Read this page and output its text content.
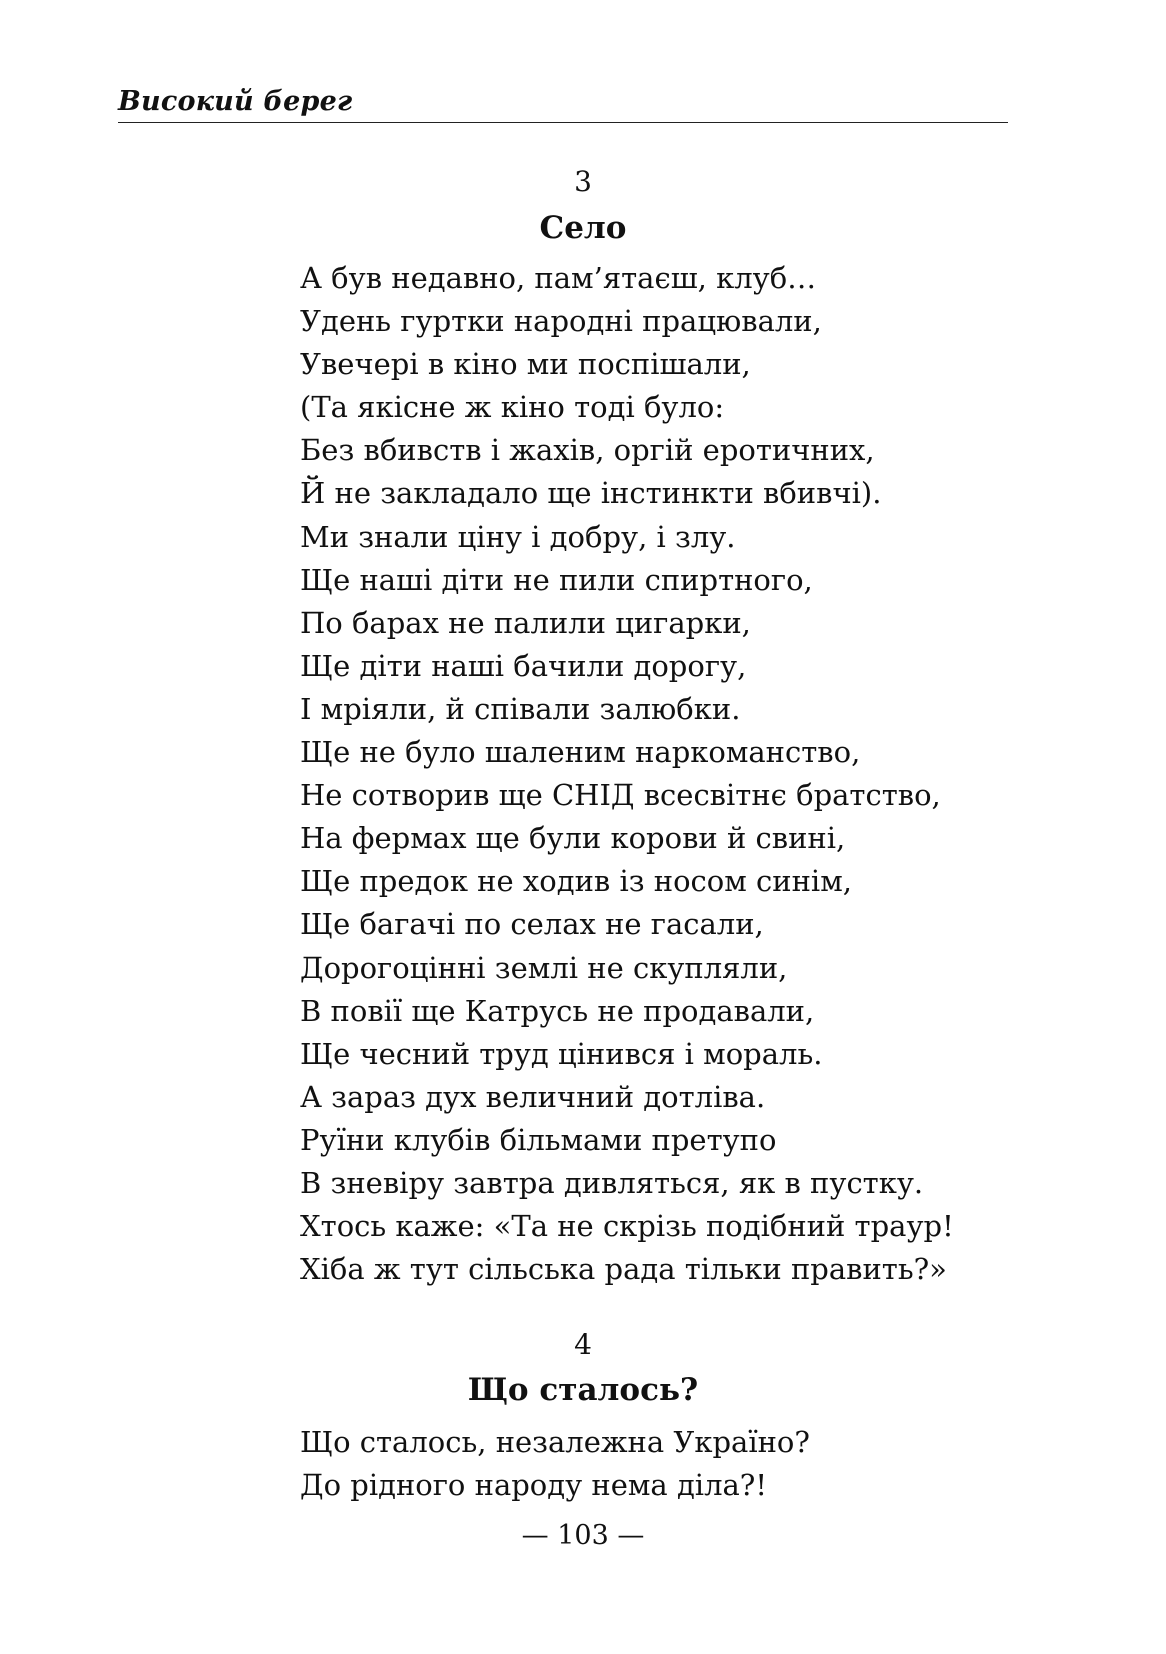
Високий берег
3
Село
А був недавно, пам’ятаєш, клуб…
Удень гуртки народні працювали,
Увечері в кіно ми поспішали,
(Та якісне ж кіно тоді було:
Без вбивств і жахів, оргій еротичних,
Й не закладало ще інстинкти вбивчі).
Ми знали ціну і добру, і злу.
Ще наші діти не пили спиртного,
По барах не палили цигарки,
Ще діти наші бачили дорогу,
І мріяли, й співали залюбки.
Ще не було шаленим наркоманство,
Не сотворив ще СНІД всесвітнє братство,
На фермах ще були корови й свині,
Ще предок не ходив із носом синім,
Ще багачі по селах не гасали,
Дорогоцінні землі не скупляли,
В повії ще Катрусь не продавали,
Ще чесний труд цінився і мораль.
А зараз дух величний дотліва.
Руїни клубів більмами претупо
В зневіру завтра дивляться, як в пустку.
Хтось каже: «Та не скрізь подібний траур!
Хіба ж тут сільська рада тільки править?»
4
Що сталось?
Що сталось, незалежна Україно?
До рідного народу нема діла?!
— 103 —
